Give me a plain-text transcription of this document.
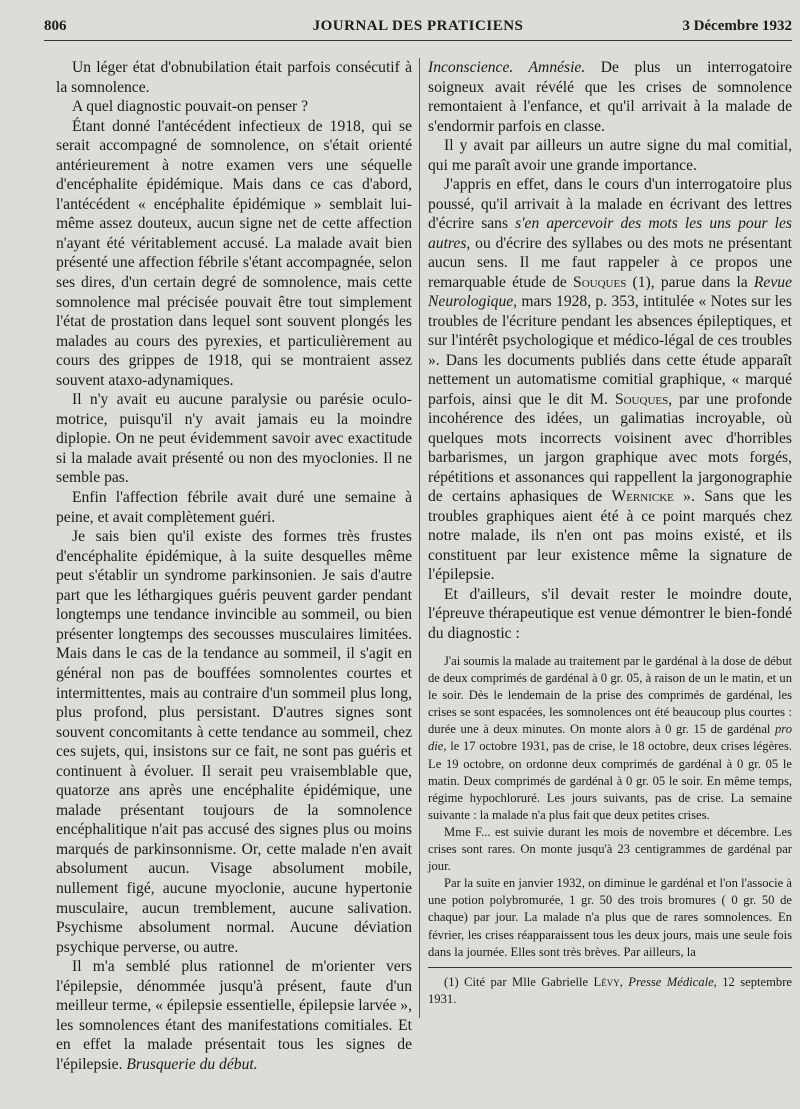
806	JOURNAL DES PRATICIENS	3 Décembre 1932

Un léger état d'obnubilation était parfois consécutif à la somnolence.

A quel diagnostic pouvait-on penser ?

Étant donné l'antécédent infectieux de 1918, qui se serait accompagné de somnolence, on s'était orienté antérieurement à notre examen vers une séquelle d'encéphalite épidémique. Mais dans ce cas d'abord, l'antécédent « encéphalite épidémique » semblait lui-même assez douteux, aucun signe net de cette affection n'ayant été véritablement accusé. La malade avait bien présenté une affection fébrile s'étant accompagnée, selon ses dires, d'un certain degré de somnolence, mais cette somnolence mal précisée pouvait être tout simplement l'état de prostation dans lequel sont souvent plongés les malades au cours des pyrexies, et particulièrement au cours des grippes de 1918, qui se montraient assez souvent ataxo-adynamiques.

Il n'y avait eu aucune paralysie ou parésie oculo-motrice, puisqu'il n'y avait jamais eu la moindre diplopie. On ne peut évidemment savoir avec exactitude si la malade avait présenté ou non des myoclonies. Il ne semble pas.

Enfin l'affection fébrile avait duré une semaine à peine, et avait complètement guéri.

Je sais bien qu'il existe des formes très frustes d'encéphalite épidémique, à la suite desquelles même peut s'établir un syndrome parkinsonien. Je sais d'autre part que les léthargiques guéris peuvent garder pendant longtemps une tendance invincible au sommeil, ou bien présenter longtemps des secousses musculaires limitées. Mais dans le cas de la tendance au sommeil, il s'agit en général non pas de bouffées somnolentes courtes et intermittentes, mais au contraire d'un sommeil plus long, plus profond, plus persistant. D'autres signes sont souvent concomitants à cette tendance au sommeil, chez ces sujets, qui, insistons sur ce fait, ne sont pas guéris et continuent à évoluer. Il serait peu vraisemblable que, quatorze ans après une encéphalite épidémique, une malade présentant toujours de la somnolence encéphalitique n'ait pas accusé des signes plus ou moins marqués de parkinsonnisme. Or, cette malade n'en avait absolument aucun. Visage absolument mobile, nullement figé, aucune myoclonie, aucune hypertonie musculaire, aucun tremblement, aucune salivation. Psychisme absolument normal. Aucune déviation psychique perverse, ou autre.

Il m'a semblé plus rationnel de m'orienter vers l'épilepsie, dénommée jusqu'à présent, faute d'un meilleur terme, « épilepsie essentielle, épilepsie larvée », les somnolences étant des manifestations comitiales. Et en effet la malade présentait tous les signes de l'épilepsie. Brusquerie du début.

Inconscience. Amnésie. De plus un interrogatoire soigneux avait révélé que les crises de somnolence remontaient à l'enfance, et qu'il arrivait à la malade de s'endormir parfois en classe.

Il y avait par ailleurs un autre signe du mal comitial, qui me paraît avoir une grande importance.

J'appris en effet, dans le cours d'un interrogatoire plus poussé, qu'il arrivait à la malade en écrivant des lettres d'écrire sans s'en apercevoir des mots les uns pour les autres, ou d'écrire des syllabes ou des mots ne présentant aucun sens. Il me faut rappeler à ce propos une remarquable étude de Souques (1), parue dans la Revue Neurologique, mars 1928, p. 353, intitulée « Notes sur les troubles de l'écriture pendant les absences épileptiques, et sur l'intérêt psychologique et médico-légal de ces troubles ». Dans les documents publiés dans cette étude apparaît nettement un automatisme comitial graphique, « marqué parfois, ainsi que le dit M. Souques, par une profonde incohérence des idées, un galimatias incroyable, où quelques mots incorrects voisinent avec d'horribles barbarismes, un jargon graphique avec mots forgés, répétitions et assonances qui rappellent la jargonographie de certains aphasiques de Wernicke ». Sans que les troubles graphiques aient été à ce point marqués chez notre malade, ils n'en ont pas moins existé, et ils constituent par leur existence même la signature de l'épilepsie.

Et d'ailleurs, s'il devait rester le moindre doute, l'épreuve thérapeutique est venue démontrer le bien-fondé du diagnostic :

J'ai soumis la malade au traitement par le gardénal à la dose de début de deux comprimés de gardénal à 0 gr. 05, à raison de un le matin, et un le soir. Dès le lendemain de la prise des comprimés de gardénal, les crises se sont espacées, les somnolences ont été beaucoup plus courtes : durée une à deux minutes. On monte alors à 0 gr. 15 de gardénal pro die, le 17 octobre 1931, pas de crise, le 18 octobre, deux crises légères. Le 19 octobre, on ordonne deux comprimés de gardénal à 0 gr. 05 le matin. Deux comprimés de gardénal à 0 gr. 05 le soir. En même temps, régime hypochloruré. Les jours suivants, pas de crise. La semaine suivante : la malade n'a plus fait que deux petites crises.

Mme F... est suivie durant les mois de novembre et décembre. Les crises sont rares. On monte jusqu'à 23 centigrammes de gardénal par jour.

Par la suite en janvier 1932, on diminue le gardénal et l'on l'associe à une potion polybromurée, 1 gr. 50 des trois bromures ( 0 gr. 50 de chaque) par jour. La malade n'a plus que de rares somnolences. En février, les crises réapparaissent tous les deux jours, mais une seule fois dans la journée. Elles sont très brèves. Par ailleurs, la

(1) Cité par Mlle Gabrielle Lévy, Presse Médicale, 12 septembre 1931.
